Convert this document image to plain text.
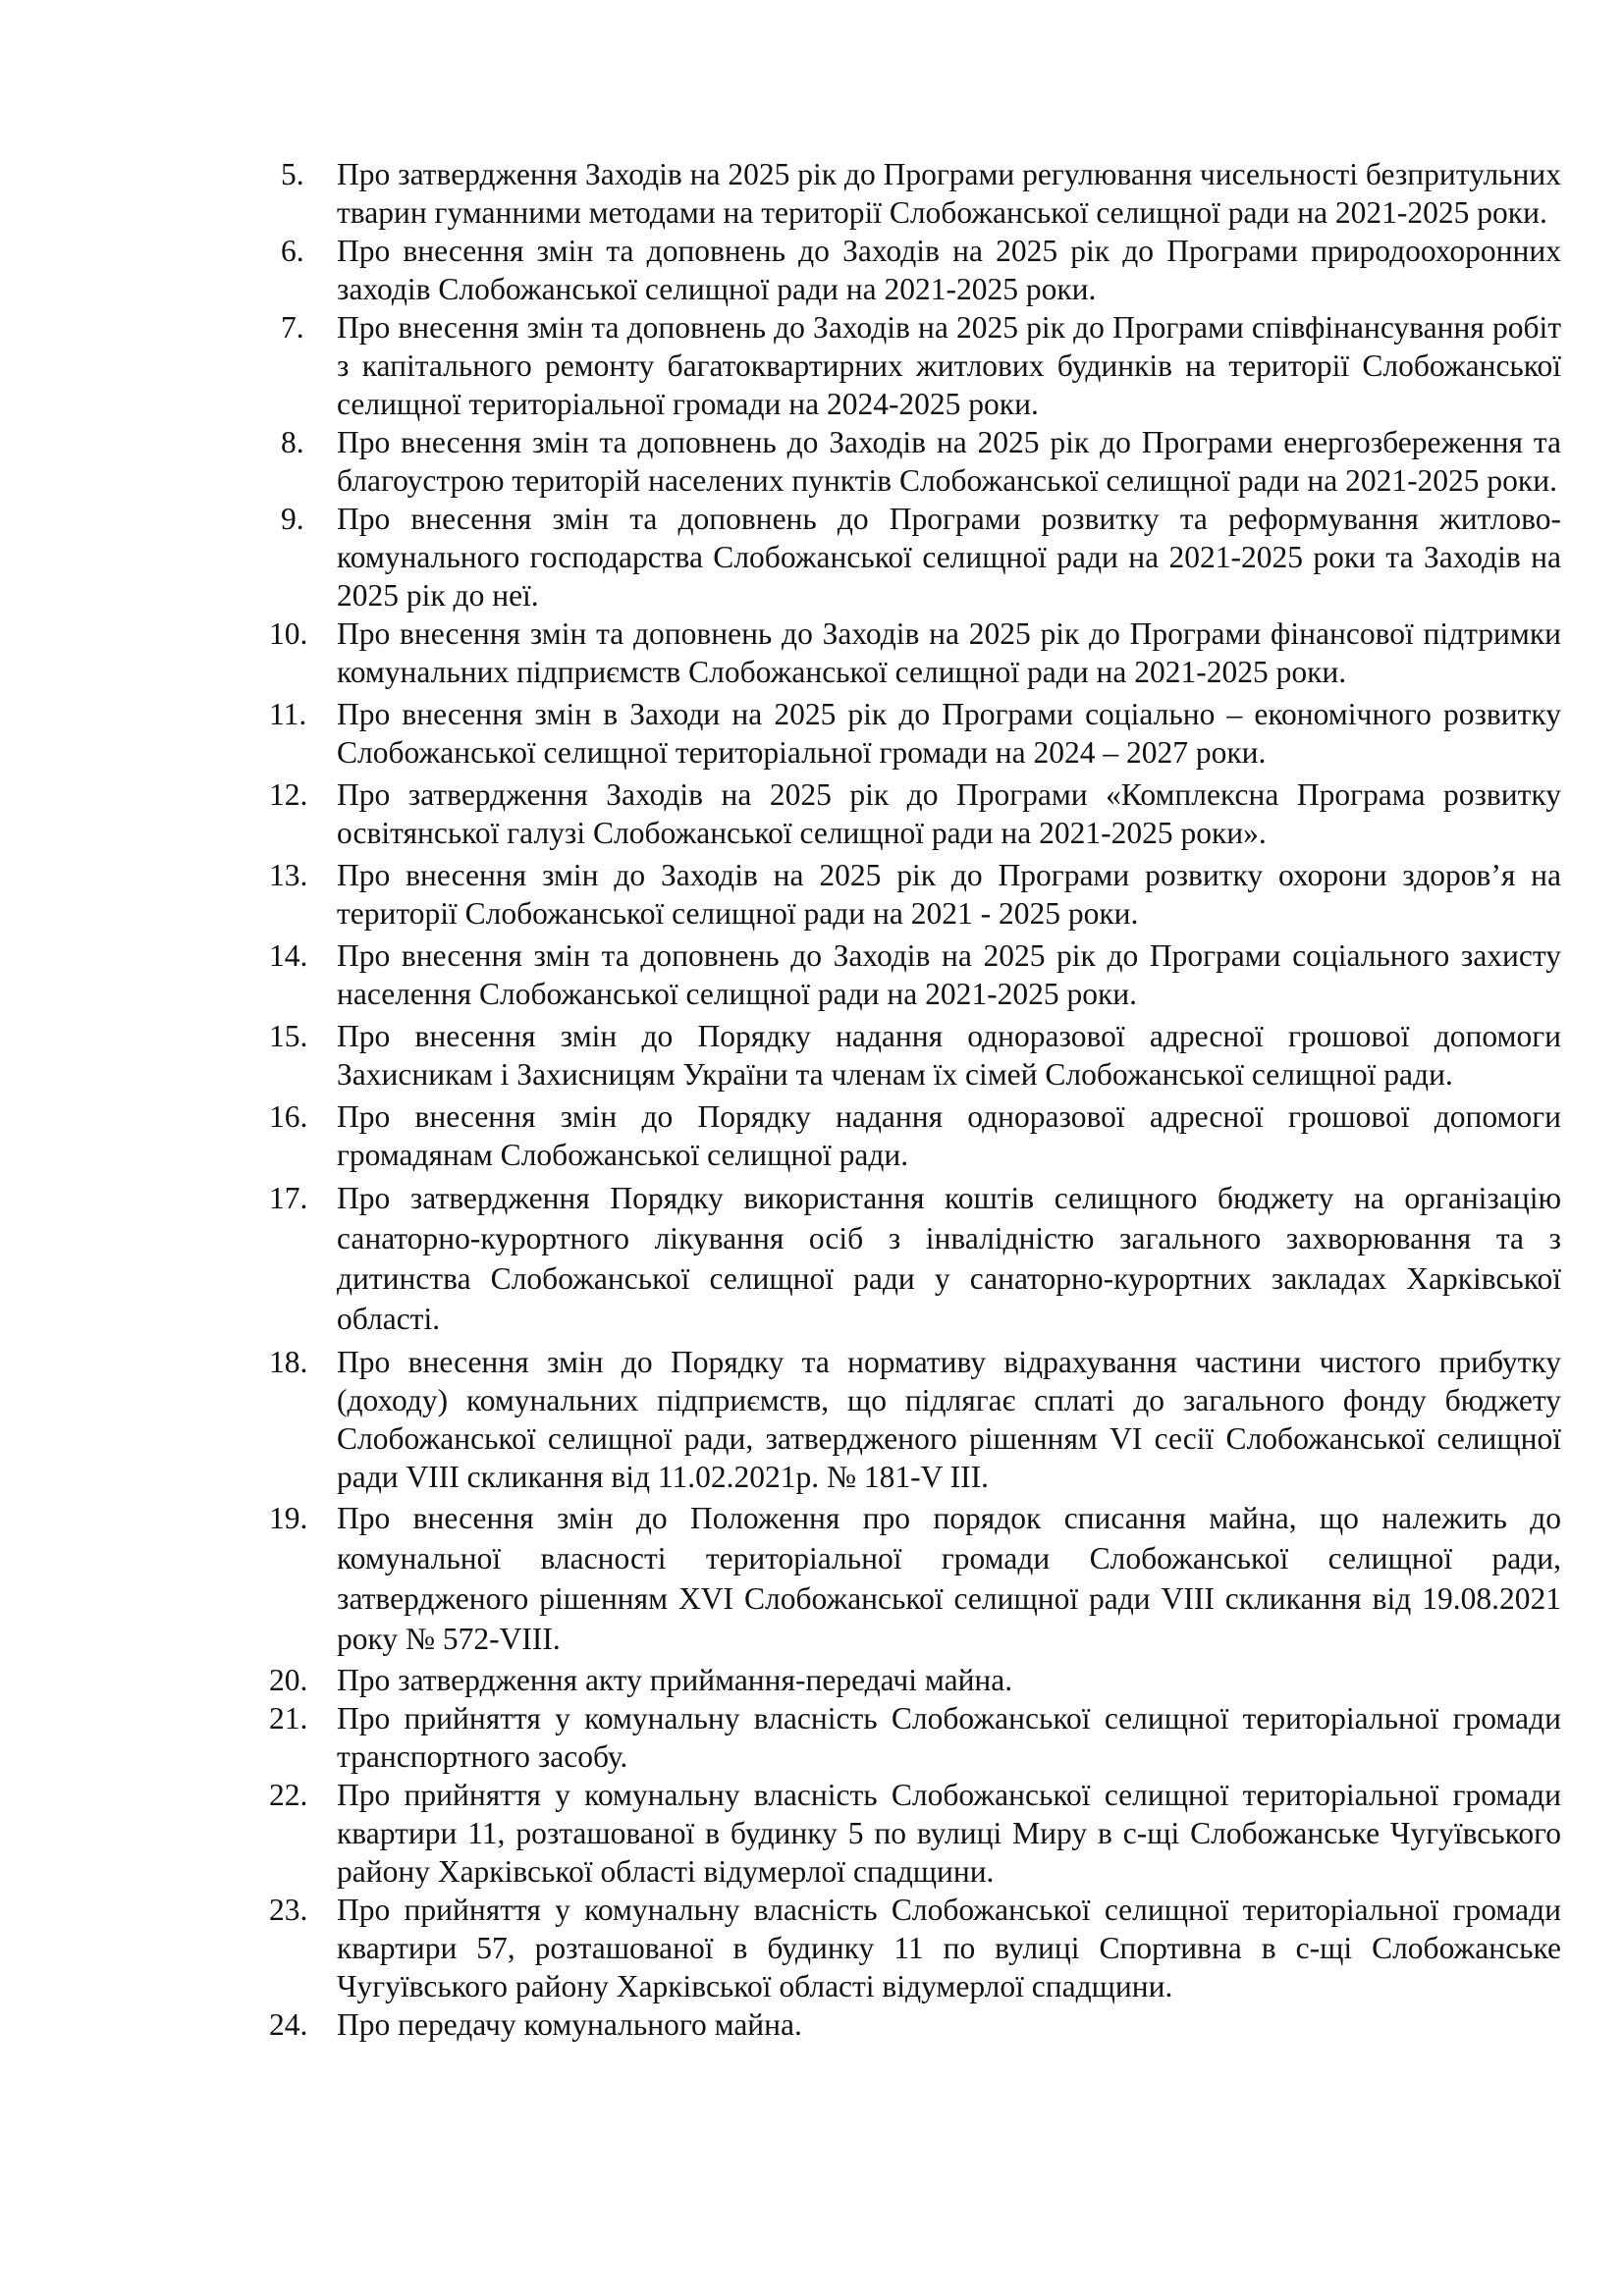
5.	Про затвердження Заходів на 2025 рік до Програми регулювання чисельності безпритульних тварин гуманними методами на території Слобожанської селищної ради на 2021-2025 роки.
6.	Про внесення змін та доповнень до Заходів на 2025 рік до Програми природоохоронних заходів Слобожанської селищної ради на 2021-2025 роки.
7.	Про внесення змін та доповнень до Заходів на 2025 рік до Програми співфінансування робіт з капітального ремонту багатоквартирних житлових будинків на території Слобожанської селищної територіальної громади на 2024-2025 роки.
8.	Про внесення змін та доповнень до Заходів на 2025 рік до Програми енергозбереження та благоустрою територій населених пунктів Слобожанської селищної ради на 2021-2025 роки.
9.	Про внесення змін та доповнень до Програми розвитку та реформування житлово-комунального господарства Слобожанської селищної ради на 2021-2025 роки та Заходів на 2025 рік до неї.
10. Про внесення змін та доповнень до Заходів на 2025 рік до Програми фінансової підтримки комунальних підприємств Слобожанської селищної ради на 2021-2025 роки.
11. Про внесення змін в Заходи на 2025 рік до Програми соціально – економічного розвитку Слобожанської селищної територіальної громади на 2024 – 2027 роки.
12. Про затвердження Заходів на 2025 рік до Програми «Комплексна Програма розвитку освітянської галузі Слобожанської селищної ради на 2021-2025 роки».
13. Про внесення змін до Заходів на 2025 рік до Програми розвитку охорони здоров’я на території Слобожанської селищної ради на 2021 - 2025 роки.
14. Про внесення змін та доповнень до Заходів на 2025 рік до Програми соціального захисту населення Слобожанської селищної ради на 2021-2025 роки.
15. Про внесення змін до Порядку надання одноразової адресної грошової допомоги Захисникам і Захисницям України та членам їх сімей Слобожанської селищної ради.
16. Про внесення змін до Порядку надання одноразової адресної грошової допомоги громадянам Слобожанської селищної ради.
17. Про затвердження Порядку використання коштів селищного бюджету на організацію санаторно-курортного лікування осіб з інвалідністю загального захворювання та з дитинства Слобожанської селищної ради у санаторно-курортних закладах Харківської області.
18. Про внесення змін до Порядку та нормативу відрахування частини чистого прибутку (доходу) комунальних підприємств, що підлягає сплаті до загального фонду бюджету Слобожанської селищної ради, затвердженого рішенням VI сесії Слобожанської селищної ради VIII скликання від 11.02.2021р. № 181-V ІІІ.
19. Про внесення змін до Положення про порядок списання майна, що належить до комунальної власності територіальної громади Слобожанської селищної ради, затвердженого рішенням XVI Слобожанської селищної ради VIII скликання від 19.08.2021 року № 572-VIII.
20. Про затвердження акту приймання-передачі майна.
21. Про прийняття у комунальну власність Слобожанської селищної територіальної громади транспортного засобу.
22. Про прийняття у комунальну власність Слобожанської селищної територіальної громади квартири 11, розташованої в будинку 5 по вулиці Миру в с-щі Слобожанське Чугуївського району Харківської області відумерлої спадщини.
23. Про прийняття у комунальну власність Слобожанської селищної територіальної громади квартири 57, розташованої в будинку 11 по вулиці Спортивна в с-щі Слобожанське Чугуївського району Харківської області відумерлої спадщини.
24. Про передачу комунального майна.
